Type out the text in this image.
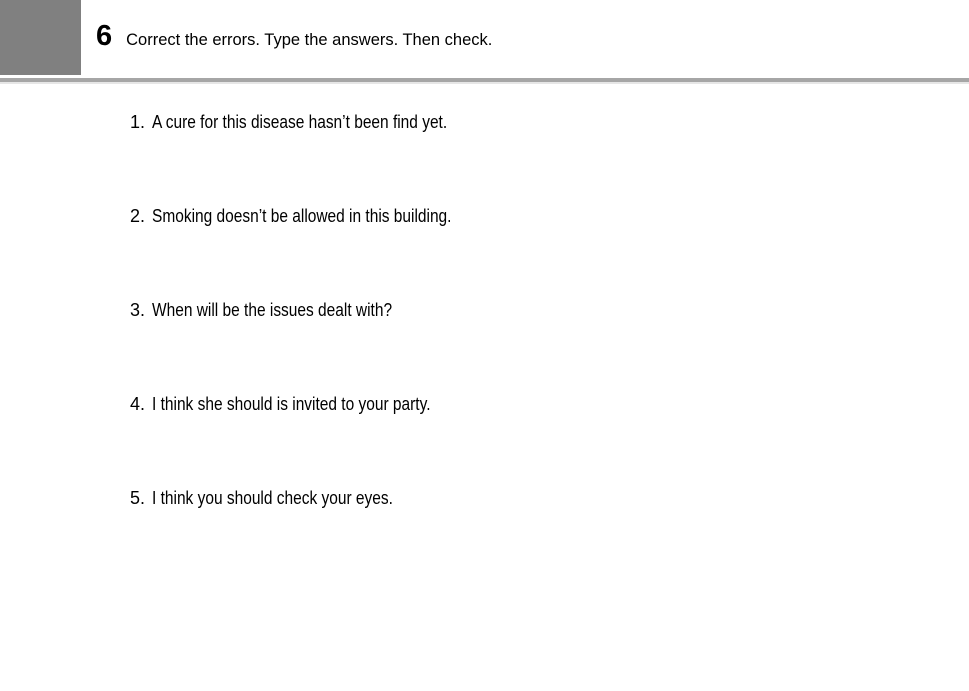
6 Correct the errors. Type the answers. Then check.
1. A cure for this disease hasn’t been find yet.
2. Smoking doesn’t be allowed in this building.
3. When will be the issues dealt with?
4. I think she should is invited to your party.
5. I think you should check your eyes.
